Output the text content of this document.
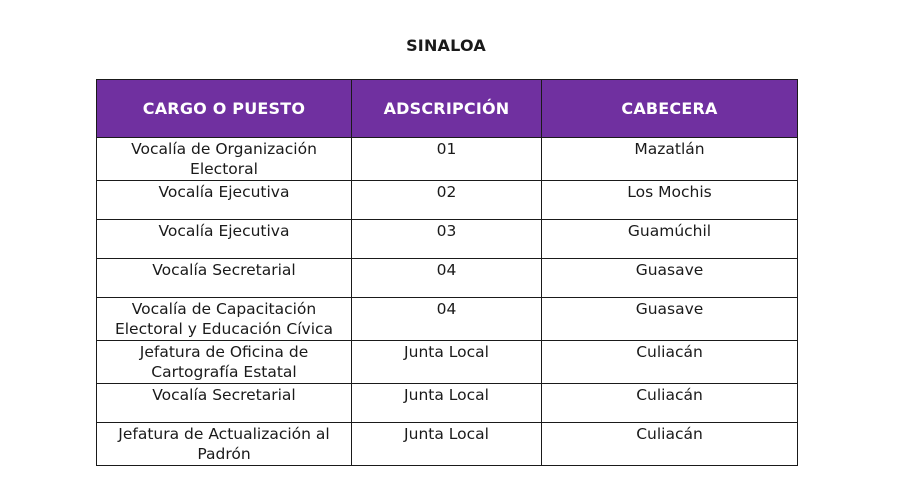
SINALOA
CARGO O PUESTO	ADSCRIPCIÓN	CABECERA
Vocalía de Organización Electoral	01	Mazatlán
Vocalía Ejecutiva	02	Los Mochis
Vocalía Ejecutiva	03	Guamúchil
Vocalía Secretarial	04	Guasave
Vocalía de Capacitación Electoral y Educación Cívica	04	Guasave
Jefatura de Oficina de Cartografía Estatal	Junta Local	Culiacán
Vocalía Secretarial	Junta Local	Culiacán
Jefatura de Actualización al Padrón	Junta Local	Culiacán
